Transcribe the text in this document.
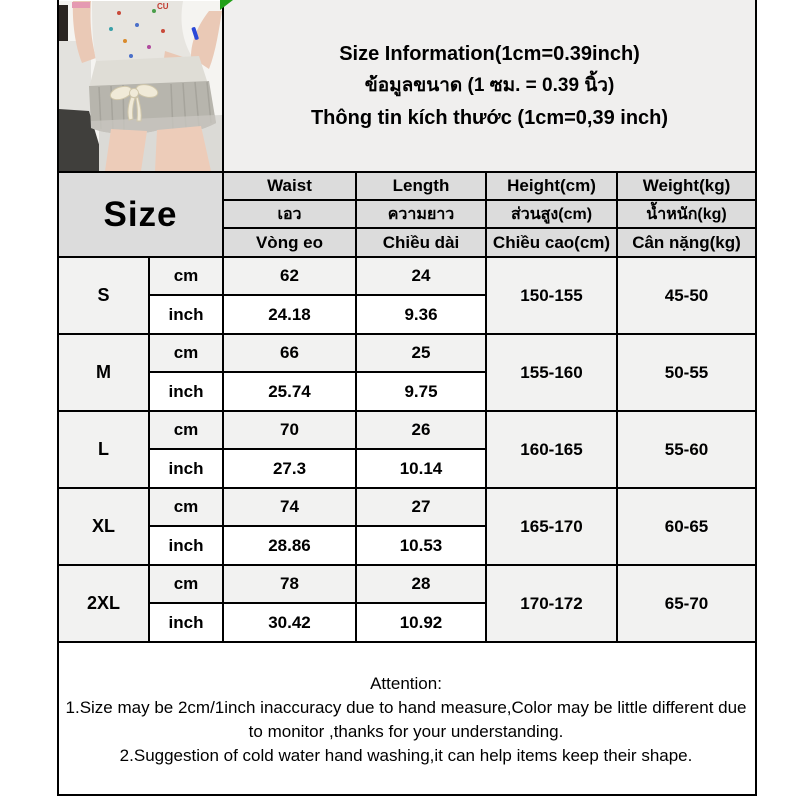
CU		Size Information(1cm=0.39inch)
ข้อมูลขนาด (1 ซม. = 0.39 นิ้ว)
Thông tin kích thước (1cm=0,39 inch)			

Size		Waist	Length	Height(cm)	Weight(kg)
		เอว	ความยาว	ส่วนสูง(cm)	น้ำหนัก(kg)
		Vòng eo	Chiều dài	Chiều cao(cm)	Cân nặng(kg)
S	cm	62	24	150-155	45-50
	inch	24.18	9.36		
M	cm	66	25	155-160	50-55
	inch	25.74	9.75		
L	cm	70	26	160-165	55-60
	inch	27.3	10.14		
XL	cm	74	27	165-170	60-65
	inch	28.86	10.53		
2XL	cm	78	28	170-172	65-70
	inch	30.42	10.92		

Attention:

1.Size may be 2cm/1inch inaccuracy due to hand measure,Color may be little different due to monitor ,thanks for your understanding.

2.Suggestion of cold water hand washing,it can help items keep their shape.					
